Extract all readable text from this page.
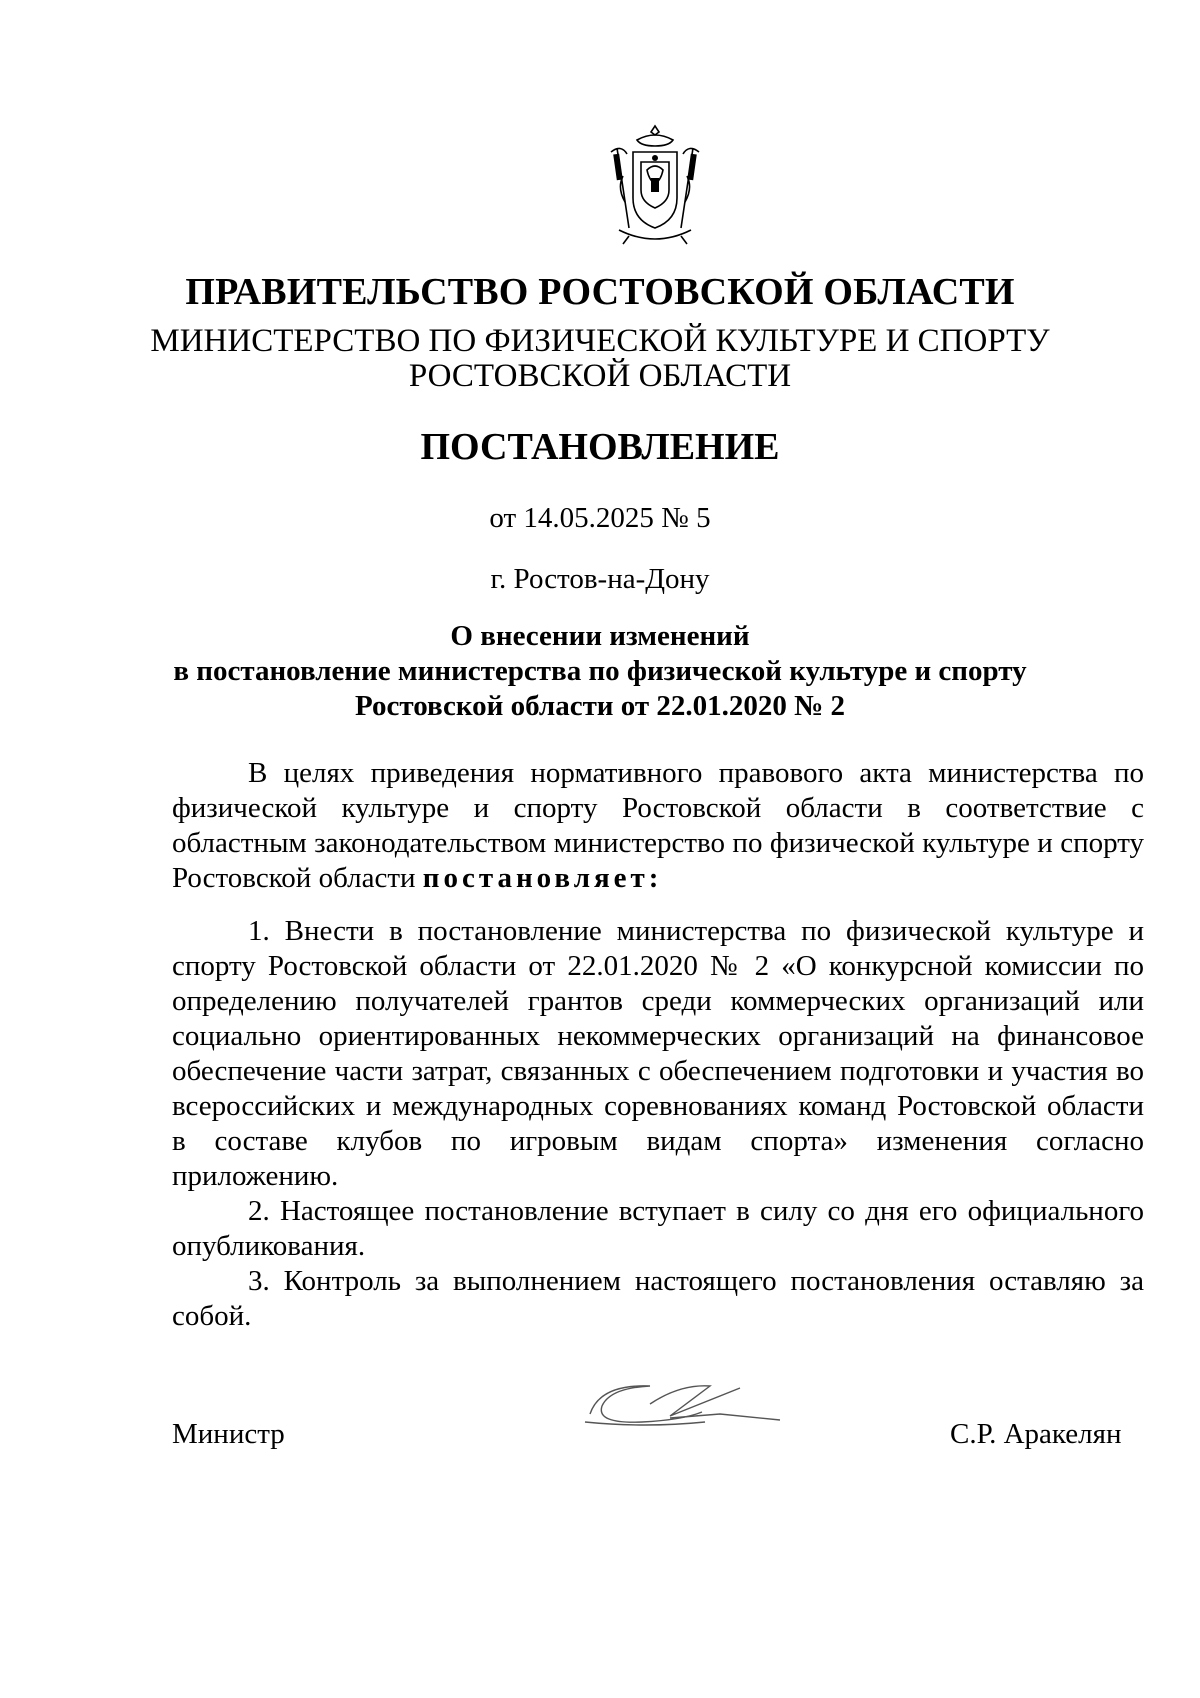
ПРАВИТЕЛЬСТВО РОСТОВСКОЙ ОБЛАСТИ
МИНИСТЕРСТВО ПО ФИЗИЧЕСКОЙ КУЛЬТУРЕ И СПОРТУ
РОСТОВСКОЙ ОБЛАСТИ
ПОСТАНОВЛЕНИЕ
от 14.05.2025 № 5
г. Ростов-на-Дону
О внесении изменений
в постановление министерства по физической культуре и спорту
Ростовской области от 22.01.2020 № 2

В целях приведения нормативного правового акта министерства по физической культуре и спорту Ростовской области в соответствие с областным законодательством министерство по физической культуре и спорту Ростовской области постановляет:

1. Внести в постановление министерства по физической культуре и спорту Ростовской области от 22.01.2020 № 2 «О конкурсной комиссии по определению получателей грантов среди коммерческих организаций или социально ориентированных некоммерческих организаций на финансовое обеспечение части затрат, связанных с обеспечением подготовки и участия во всероссийских и международных соревнованиях команд Ростовской области в составе клубов по игровым видам спорта» изменения согласно приложению.

2. Настоящее постановление вступает в силу со дня его официального опубликования.

3. Контроль за выполнением настоящего постановления оставляю за собой.

Министр	С.Р. Аракелян
